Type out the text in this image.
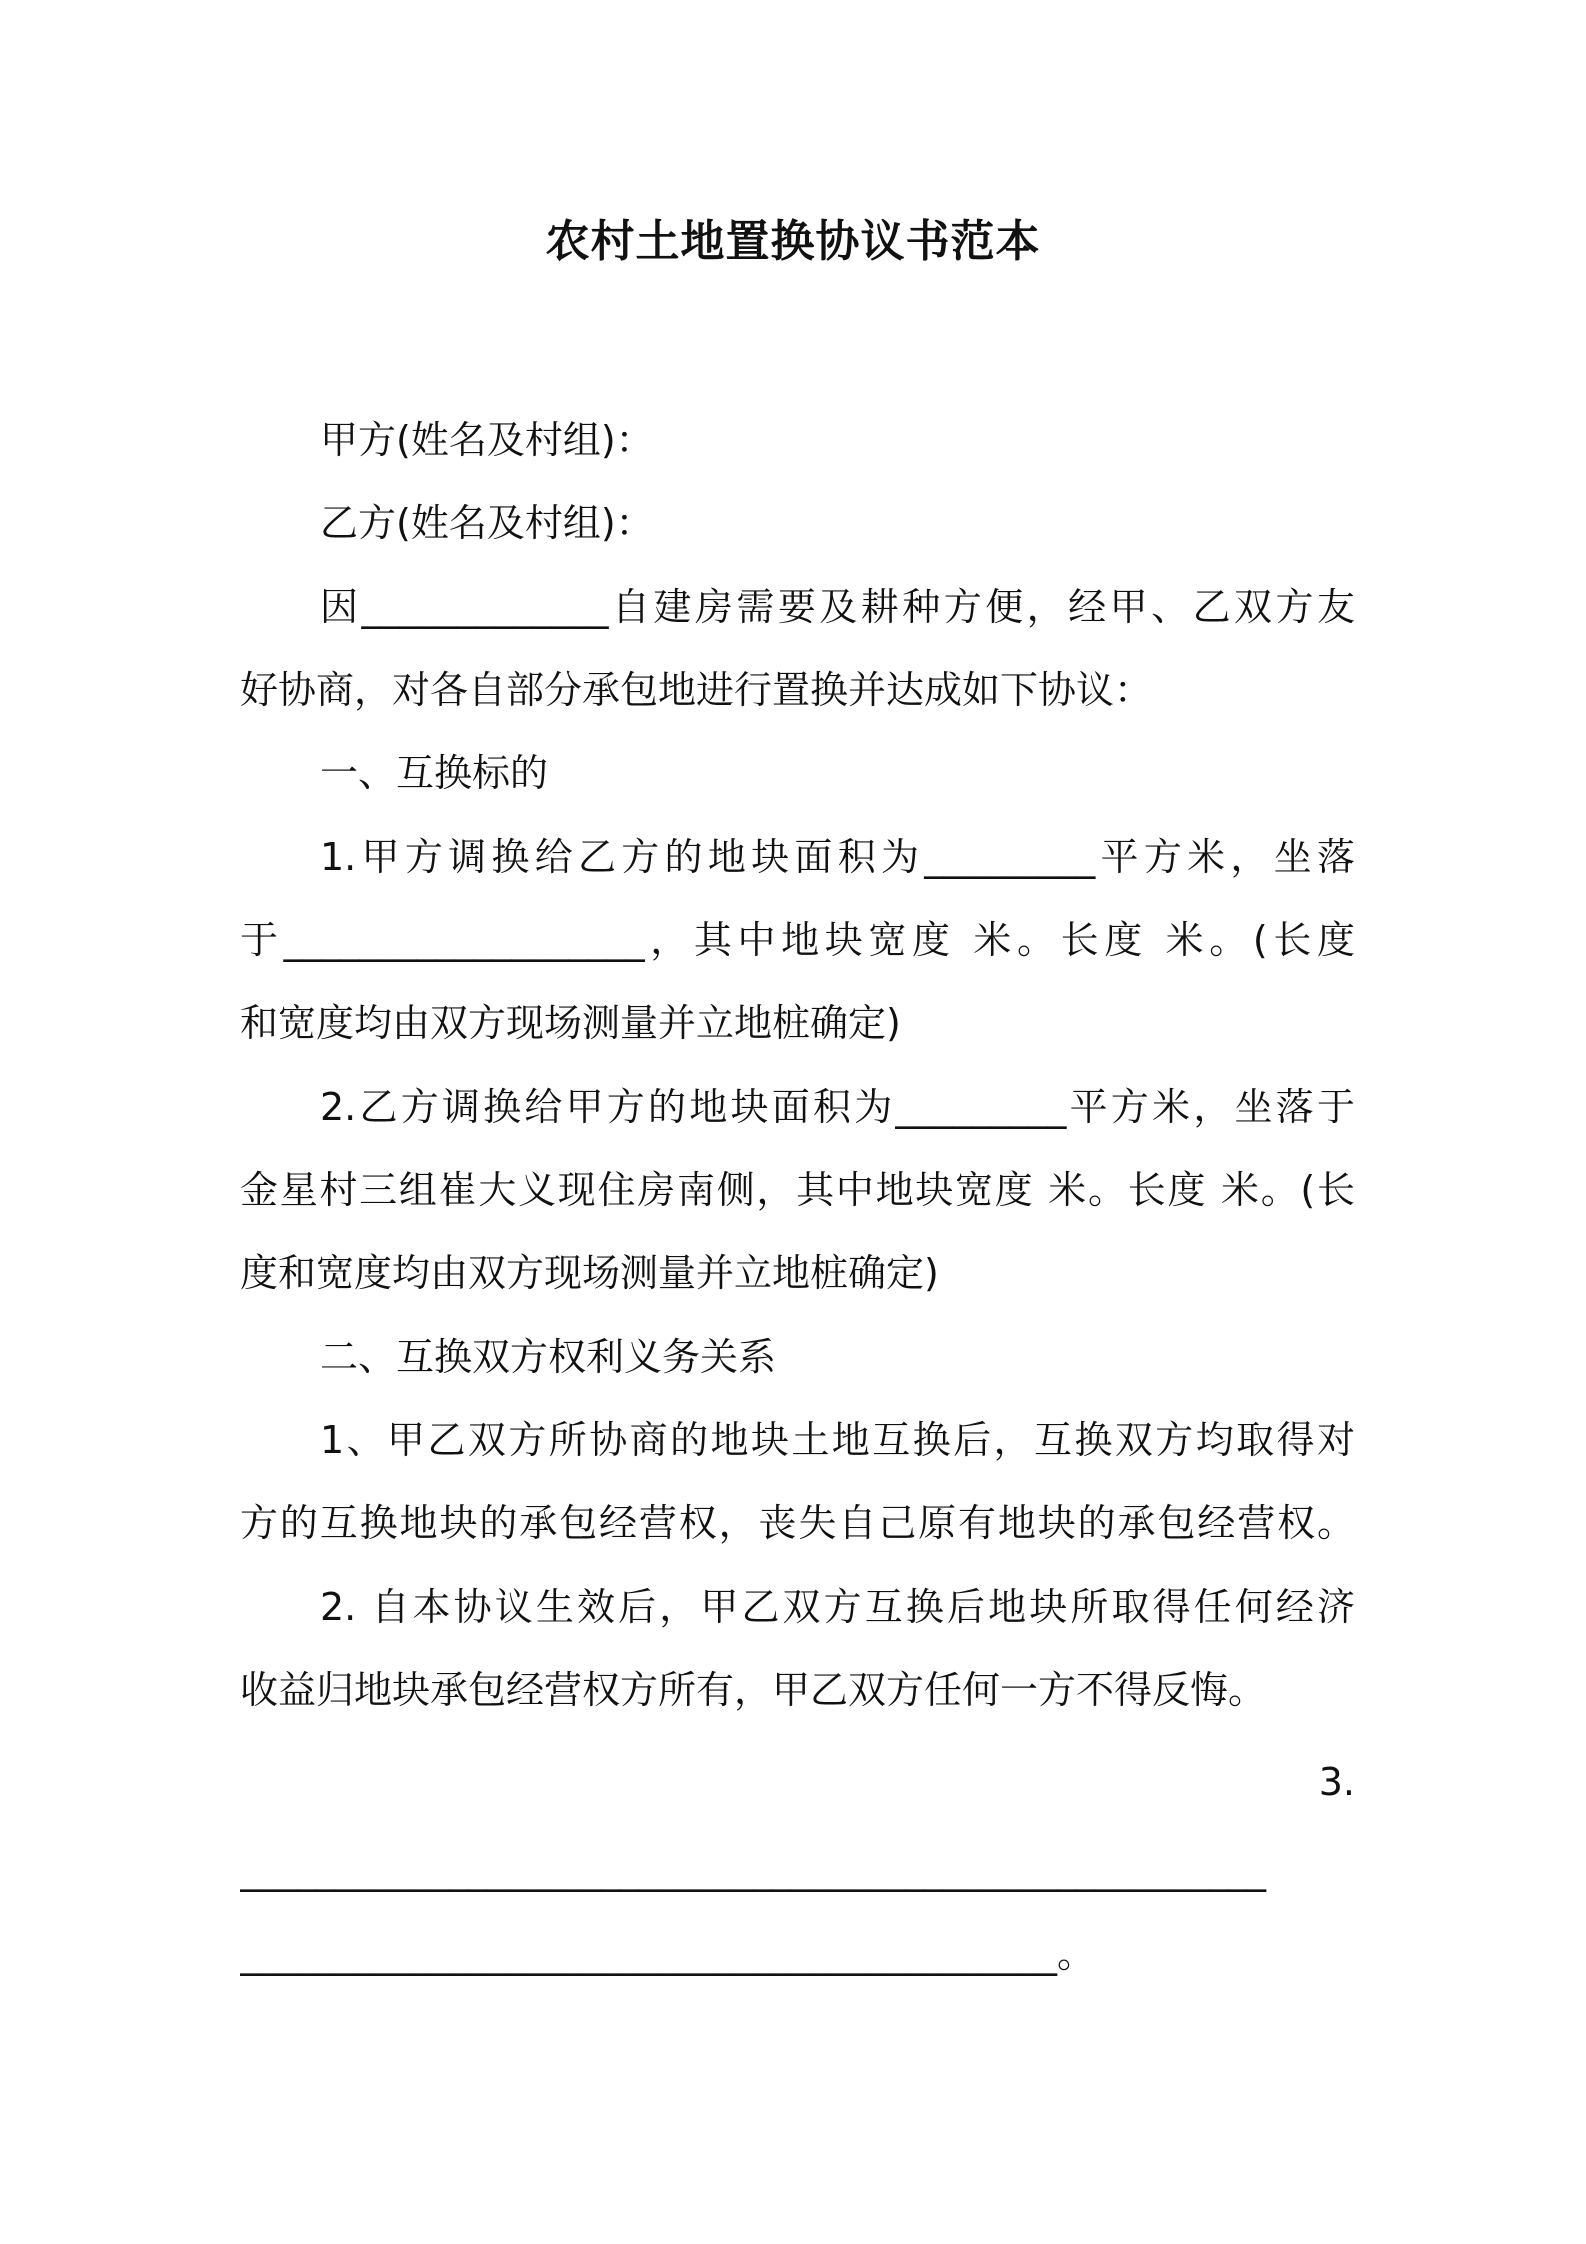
农村土地置换协议书范本
甲方(姓名及村组)：
乙方(姓名及村组)：
因_____________自建房需要及耕种方便，经甲、乙双方友
好协商，对各自部分承包地进行置换并达成如下协议：
一、互换标的
1.甲方调换给乙方的地块面积为_________平方米，坐落
于___________________，其中地块宽度 米。长度 米。(长度
和宽度均由双方现场测量并立地桩确定)
2.乙方调换给甲方的地块面积为_________平方米，坐落于
金星村三组崔大义现住房南侧，其中地块宽度 米。长度 米。(长
度和宽度均由双方现场测量并立地桩确定)
二、互换双方权利义务关系
1、甲乙双方所协商的地块土地互换后，互换双方均取得对
方的互换地块的承包经营权，丧失自己原有地块的承包经营权。
2. 自本协议生效后，甲乙双方互换后地块所取得任何经济
收益归地块承包经营权方所有，甲乙双方任何一方不得反悔。
3.
______________________________________________________
___________________________________________。
